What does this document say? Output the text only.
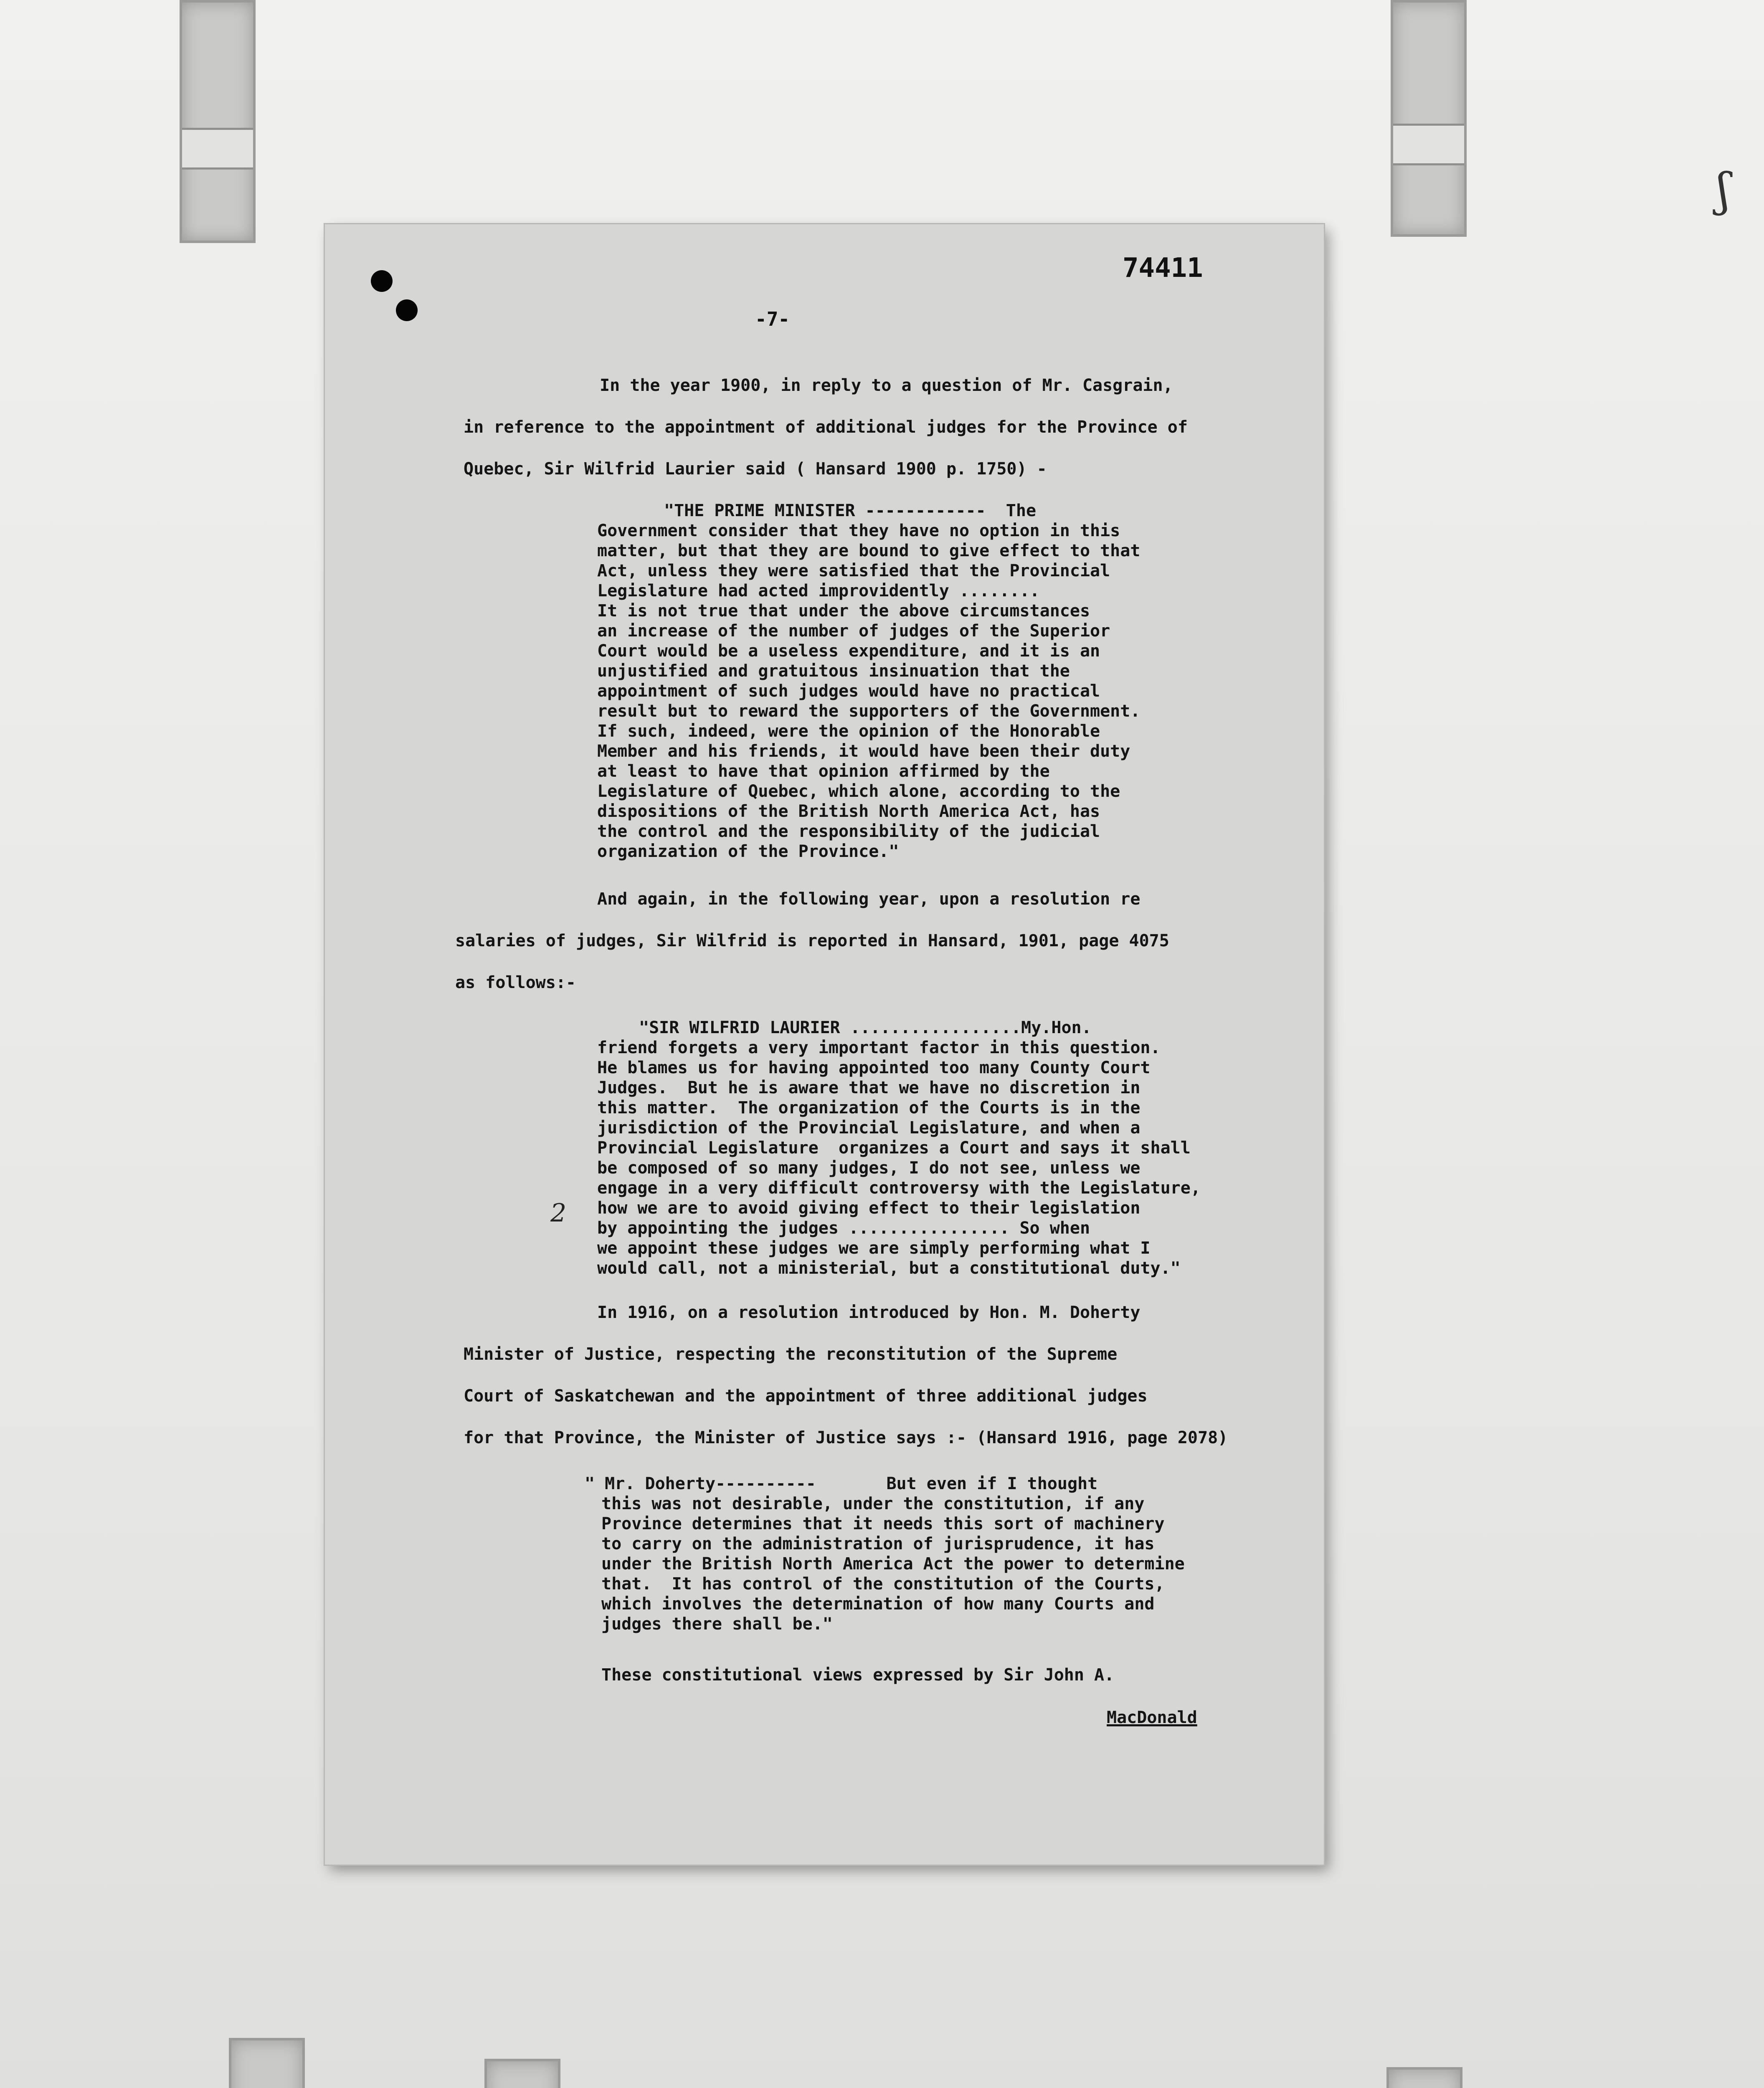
ʃ
74411
-7-
In the year 1900, in reply to a question of Mr. Casgrain,
in reference to the appointment of additional judges for the Province of
Quebec, Sir Wilfrid Laurier said ( Hansard 1900 p. 1750) -
"THE PRIME MINISTER ------------  The
Government consider that they have no option in this
matter, but that they are bound to give effect to that
Act, unless they were satisfied that the Provincial
Legislature had acted improvidently ........
It is not true that under the above circumstances
an increase of the number of judges of the Superior
Court would be a useless expenditure, and it is an
unjustified and gratuitous insinuation that the
appointment of such judges would have no practical
result but to reward the supporters of the Government.
If such, indeed, were the opinion of the Honorable
Member and his friends, it would have been their duty
at least to have that opinion affirmed by the
Legislature of Quebec, which alone, according to the
dispositions of the British North America Act, has
the control and the responsibility of the judicial
organization of the Province."
And again, in the following year, upon a resolution re
salaries of judges, Sir Wilfrid is reported in Hansard, 1901, page 4075
as follows:-
"SIR WILFRID LAURIER .................My.Hon.
friend forgets a very important factor in this question.
He blames us for having appointed too many County Court
Judges.  But he is aware that we have no discretion in
this matter.  The organization of the Courts is in the
jurisdiction of the Provincial Legislature, and when a
Provincial Legislature  organizes a Court and says it shall
be composed of so many judges, I do not see, unless we
engage in a very difficult controversy with the Legislature,
how we are to avoid giving effect to their legislation
by appointing the judges ................ So when
we appoint these judges we are simply performing what I
would call, not a ministerial, but a constitutional duty."
In 1916, on a resolution introduced by Hon. M. Doherty
Minister of Justice, respecting the reconstitution of the Supreme
Court of Saskatchewan and the appointment of three additional judges
for that Province, the Minister of Justice says :- (Hansard 1916, page 2078)
" Mr. Doherty----------       But even if I thought
this was not desirable, under the constitution, if any
Province determines that it needs this sort of machinery
to carry on the administration of jurisprudence, it has
under the British North America Act the power to determine
that.  It has control of the constitution of the Courts,
which involves the determination of how many Courts and
judges there shall be."
These constitutional views expressed by Sir John A.
MacDonald
2
